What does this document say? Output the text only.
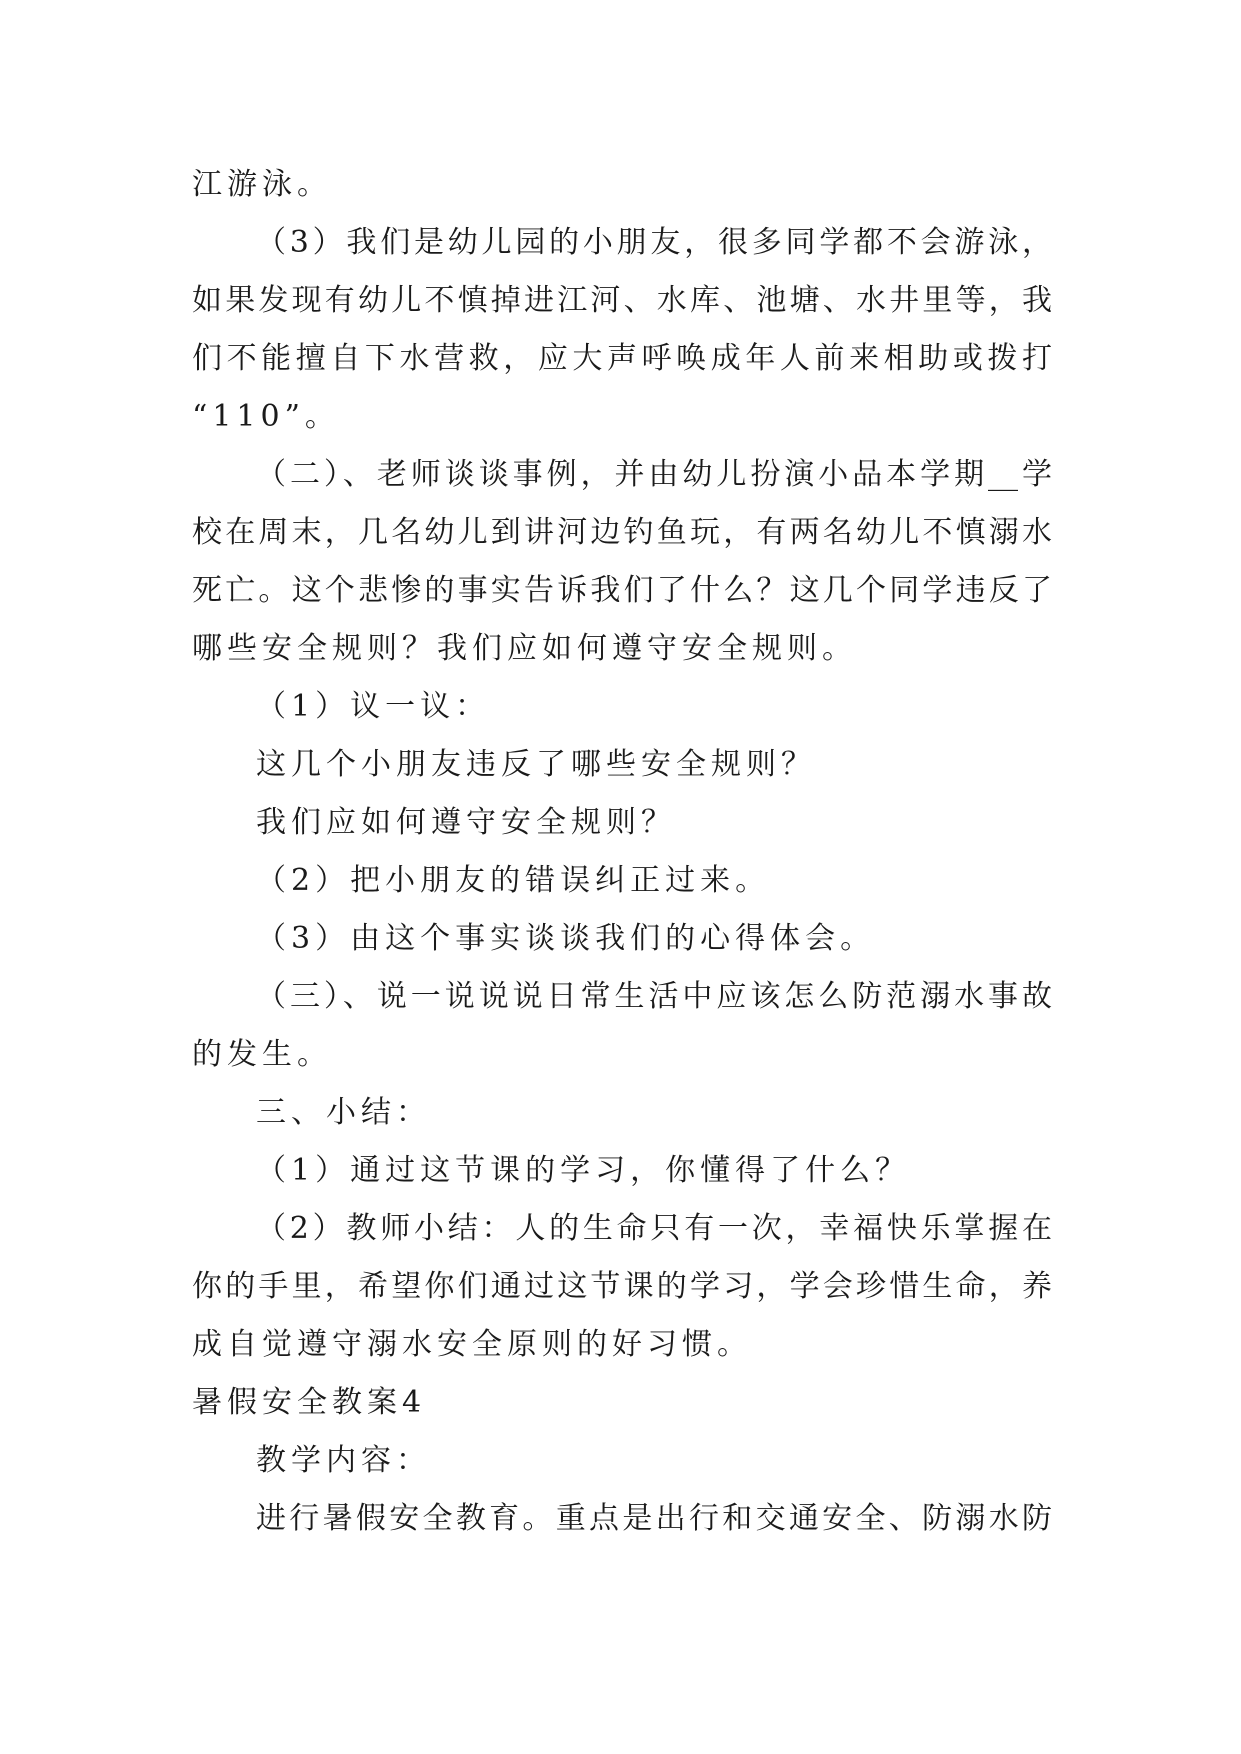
江游泳。
（3）我们是幼儿园的小朋友，很多同学都不会游泳，
如果发现有幼儿不慎掉进江河、水库、池塘、水井里等，我
们不能擅自下水营救，应大声呼唤成年人前来相助或拨打
“110”。
（二）、老师谈谈事例，并由幼儿扮演小品本学期__学
校在周末，几名幼儿到讲河边钓鱼玩，有两名幼儿不慎溺水
死亡。这个悲惨的事实告诉我们了什么？这几个同学违反了
哪些安全规则？我们应如何遵守安全规则。
（1）议一议：
这几个小朋友违反了哪些安全规则？
我们应如何遵守安全规则？
（2）把小朋友的错误纠正过来。
（3）由这个事实谈谈我们的心得体会。
（三）、说一说说说日常生活中应该怎么防范溺水事故
的发生。
三、小结：
（1）通过这节课的学习，你懂得了什么？
（2）教师小结：人的生命只有一次，幸福快乐掌握在
你的手里，希望你们通过这节课的学习，学会珍惜生命，养
成自觉遵守溺水安全原则的好习惯。
暑假安全教案4
教学内容：
进行暑假安全教育。重点是出行和交通安全、防溺水防
